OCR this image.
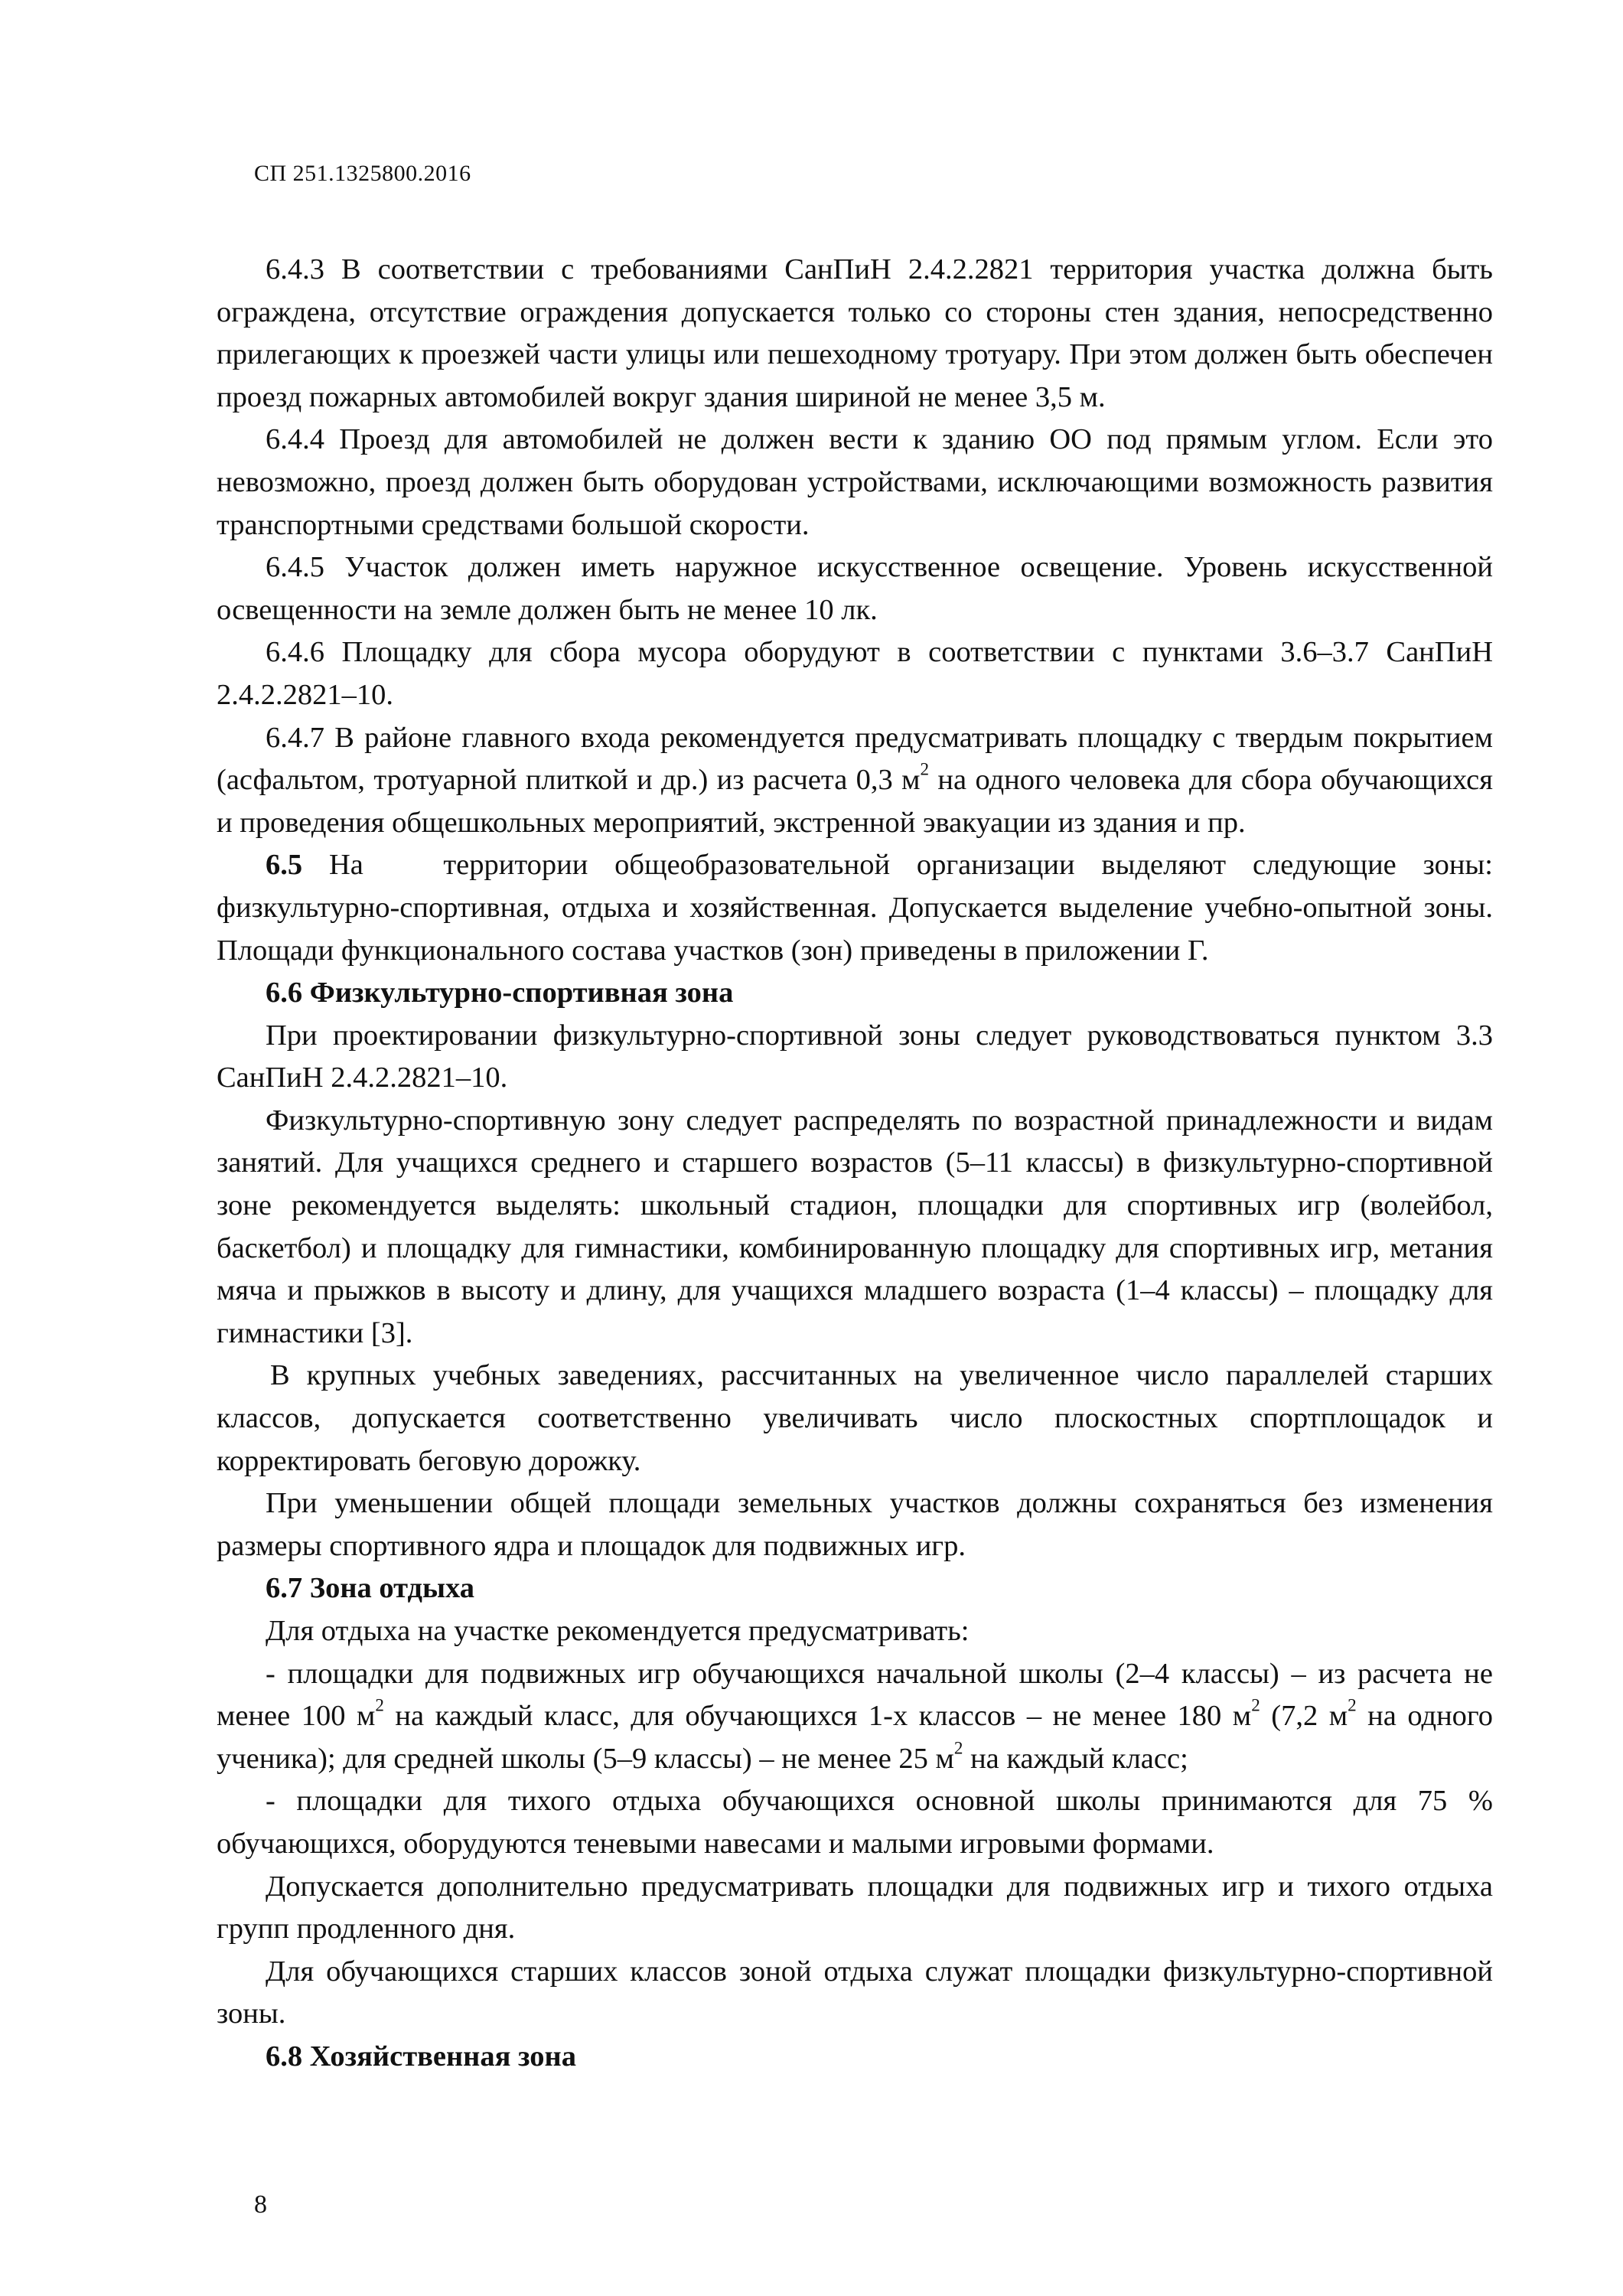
СП 251.1325800.2016

6.4.3 В соответствии с требованиями СанПиН 2.4.2.2821 территория участка должна быть ограждена, отсутствие ограждения допускается только со стороны стен здания, непосредственно прилегающих к проезжей части улицы или пешеходному тротуару. При этом должен быть обеспечен проезд пожарных автомобилей вокруг здания шириной не менее 3,5 м.

6.4.4 Проезд для автомобилей не должен вести к зданию ОО под прямым углом. Если это невозможно, проезд должен быть оборудован устройствами, исключающими возможность развития транспортными средствами большой скорости.

6.4.5 Участок должен иметь наружное искусственное освещение. Уровень искусственной освещенности на земле должен быть не менее 10 лк.

6.4.6 Площадку для сбора мусора оборудуют в соответствии с пунктами 3.6–3.7 СанПиН 2.4.2.2821–10.

6.4.7 В районе главного входа рекомендуется предусматривать площадку с твердым покрытием (асфальтом, тротуарной плиткой и др.) из расчета 0,3 $м^2$ на одного человека для сбора обучающихся и проведения общешкольных мероприятий, экстренной эвакуации из здания и пр.

6.5 На   территории общеобразовательной организации выделяют следующие зоны: физкультурно-спортивная, отдыха и хозяйственная. Допускается выделение учебно-опытной зоны. Площади функционального состава участков (зон) приведены в приложении Г.

6.6 Физкультурно-спортивная зона

При проектировании физкультурно-спортивной зоны следует руководствоваться пунктом 3.3 СанПиН 2.4.2.2821–10.

Физкультурно-спортивную зону следует распределять по возрастной принадлежности и видам занятий. Для учащихся среднего и старшего возрастов (5–11 классы) в физкультурно-спортивной зоне рекомендуется выделять: школьный стадион, площадки для спортивных игр (волейбол, баскетбол) и площадку для гимнастики, комбинированную площадку для спортивных игр, метания мяча и прыжков в высоту и длину, для учащихся младшего возраста (1–4 классы) – площадку для гимнастики [3].

В крупных учебных заведениях, рассчитанных на увеличенное число параллелей старших классов, допускается соответственно увеличивать число плоскостных спортплощадок и корректировать беговую дорожку.

При уменьшении общей площади земельных участков должны сохраняться без изменения размеры спортивного ядра и площадок для подвижных игр.

6.7 Зона отдыха

Для отдыха на участке рекомендуется предусматривать:

- площадки для подвижных игр обучающихся начальной школы (2–4 классы) – из расчета не менее 100 $м^2$ на каждый класс, для обучающихся 1-х классов – не менее 180 $м^2$ (7,2 $м^2$ на одного ученика); для средней школы (5–9 классы) – не менее 25 $м^2$ на каждый класс;

- площадки для тихого отдыха обучающихся основной школы принимаются для 75 % обучающихся, оборудуются теневыми навесами и малыми игровыми формами.

Допускается дополнительно предусматривать площадки для подвижных игр и тихого отдыха групп продленного дня.

Для обучающихся старших классов зоной отдыха служат площадки физкультурно-спортивной зоны.

6.8 Хозяйственная зона

8
